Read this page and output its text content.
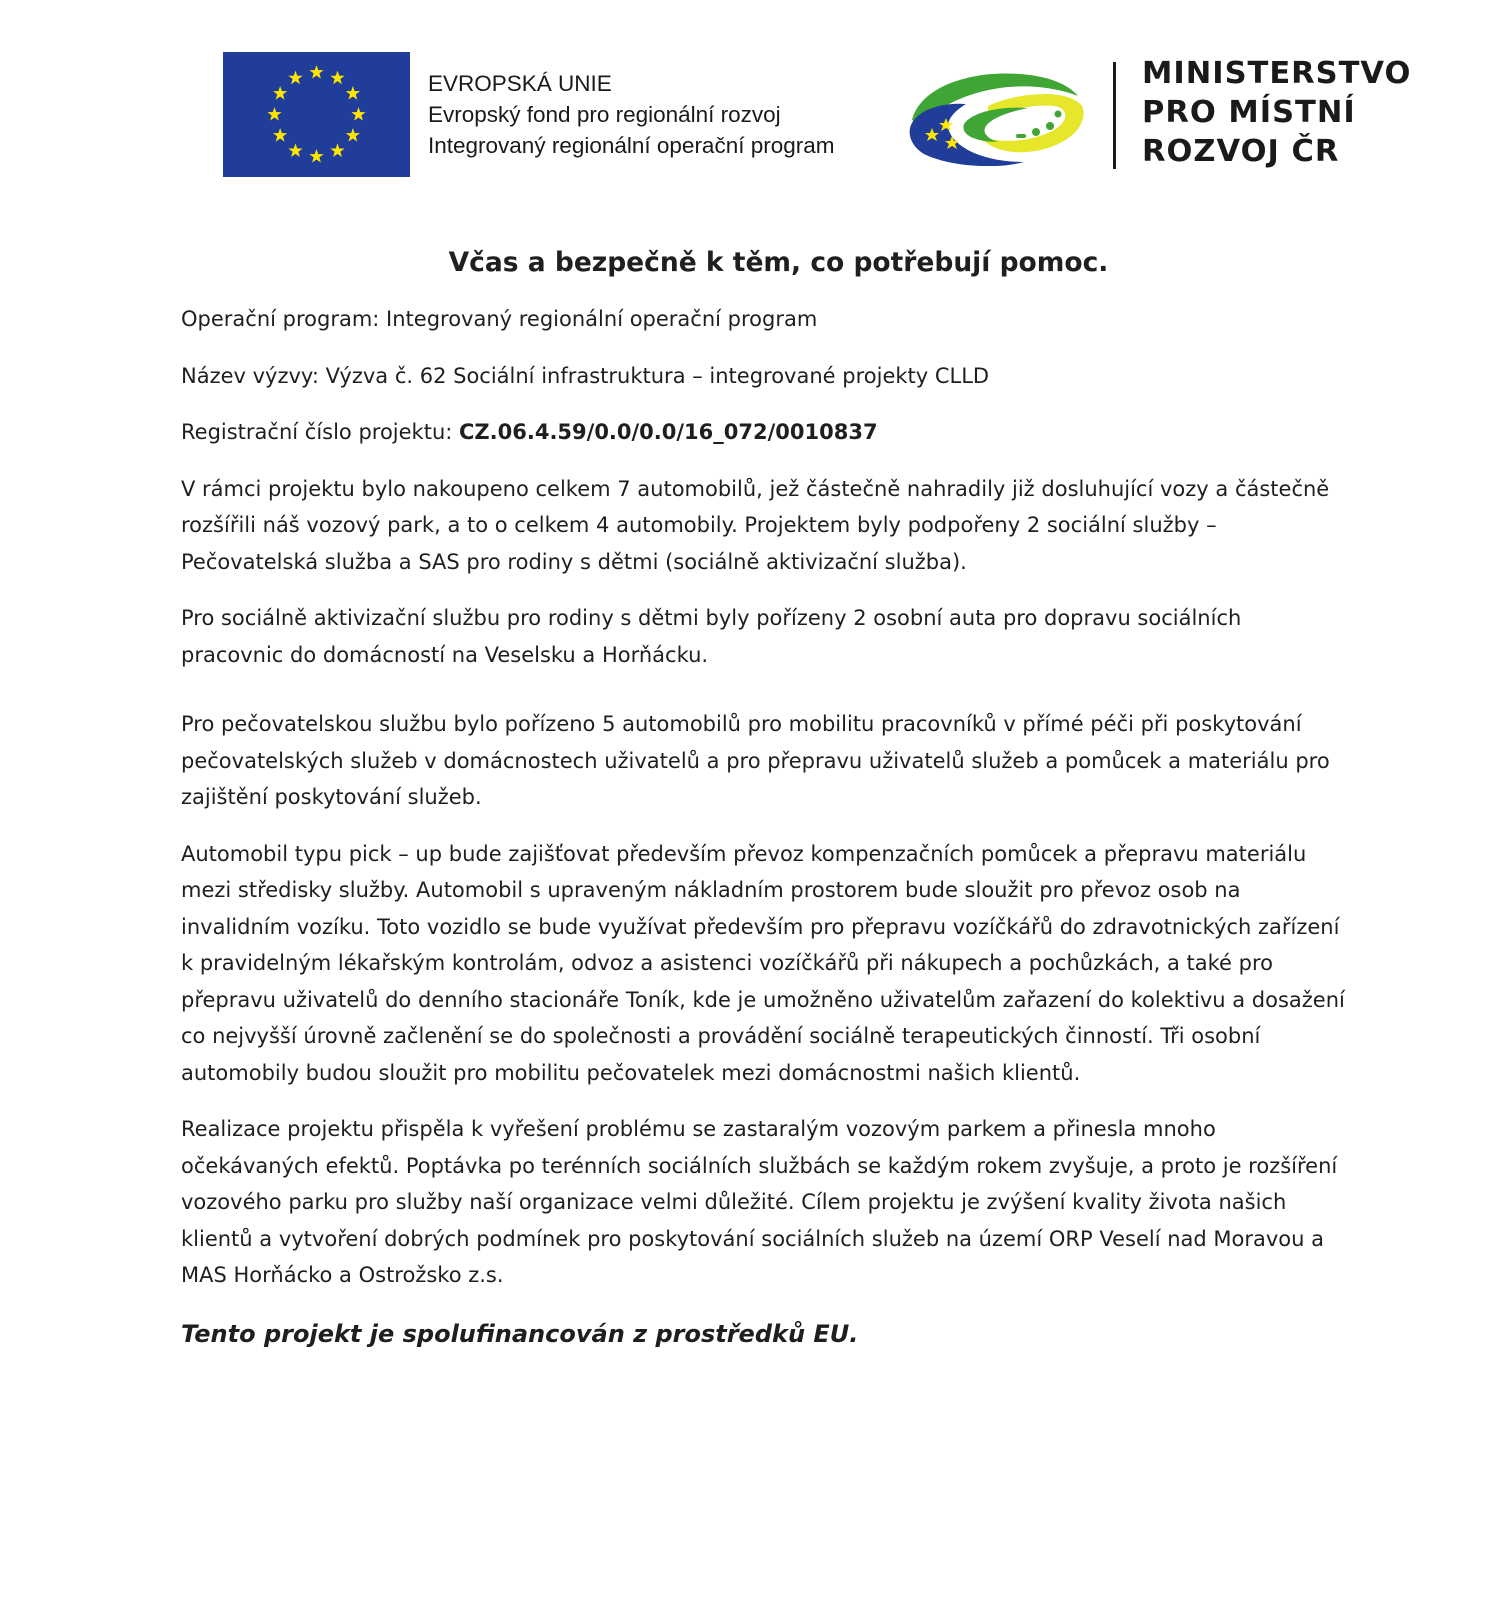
EVROPSKÁ UNIE
Evropský fond pro regionální rozvoj
Integrovaný regionální operační program
MINISTERSTVO
PRO MÍSTNÍ
ROZVOJ ČR
Včas a bezpečně k těm, co potřebují pomoc.

Operační program: Integrovaný regionální operační program

Název výzvy: Výzva č. 62 Sociální infrastruktura – integrované projekty CLLD

Registrační číslo projektu: CZ.06.4.59/0.0/0.0/16_072/0010837

V rámci projektu bylo nakoupeno celkem 7 automobilů, jež částečně nahradily již dosluhující vozy a částečně rozšířili náš vozový park, a to o celkem 4 automobily. Projektem byly podpořeny 2 sociální služby – Pečovatelská služba a SAS pro rodiny s dětmi (sociálně aktivizační služba).

Pro sociálně aktivizační službu pro rodiny s dětmi byly pořízeny 2 osobní auta pro dopravu sociálních pracovnic do domácností na Veselsku a Horňácku.

Pro pečovatelskou službu bylo pořízeno 5 automobilů pro mobilitu pracovníků v přímé péči při poskytování pečovatelských služeb v domácnostech uživatelů a pro přepravu uživatelů služeb a pomůcek a materiálu pro zajištění poskytování služeb.

Automobil typu pick – up bude zajišťovat především převoz kompenzačních pomůcek a přepravu materiálu mezi středisky služby. Automobil s upraveným nákladním prostorem bude sloužit pro převoz osob na invalidním vozíku. Toto vozidlo se bude využívat především pro přepravu vozíčkářů do zdravotnických zařízení k pravidelným lékařským kontrolám, odvoz a asistenci vozíčkářů při nákupech a pochůzkách, a také pro přepravu uživatelů do denního stacionáře Toník, kde je umožněno uživatelům zařazení do kolektivu a dosažení co nejvyšší úrovně začlenění se do společnosti a provádění sociálně terapeutických činností. Tři osobní automobily budou sloužit pro mobilitu pečovatelek mezi domácnostmi našich klientů.

Realizace projektu přispěla k vyřešení problému se zastaralým vozovým parkem a přinesla mnoho očekávaných efektů. Poptávka po terénních sociálních službách se každým rokem zvyšuje, a proto je rozšíření vozového parku pro služby naší organizace velmi důležité. Cílem projektu je zvýšení kvality života našich klientů a vytvoření dobrých podmínek pro poskytování sociálních služeb na území ORP Veselí nad Moravou a MAS Horňácko a Ostrožsko z.s.

Tento projekt je spolufinancován z prostředků EU.
